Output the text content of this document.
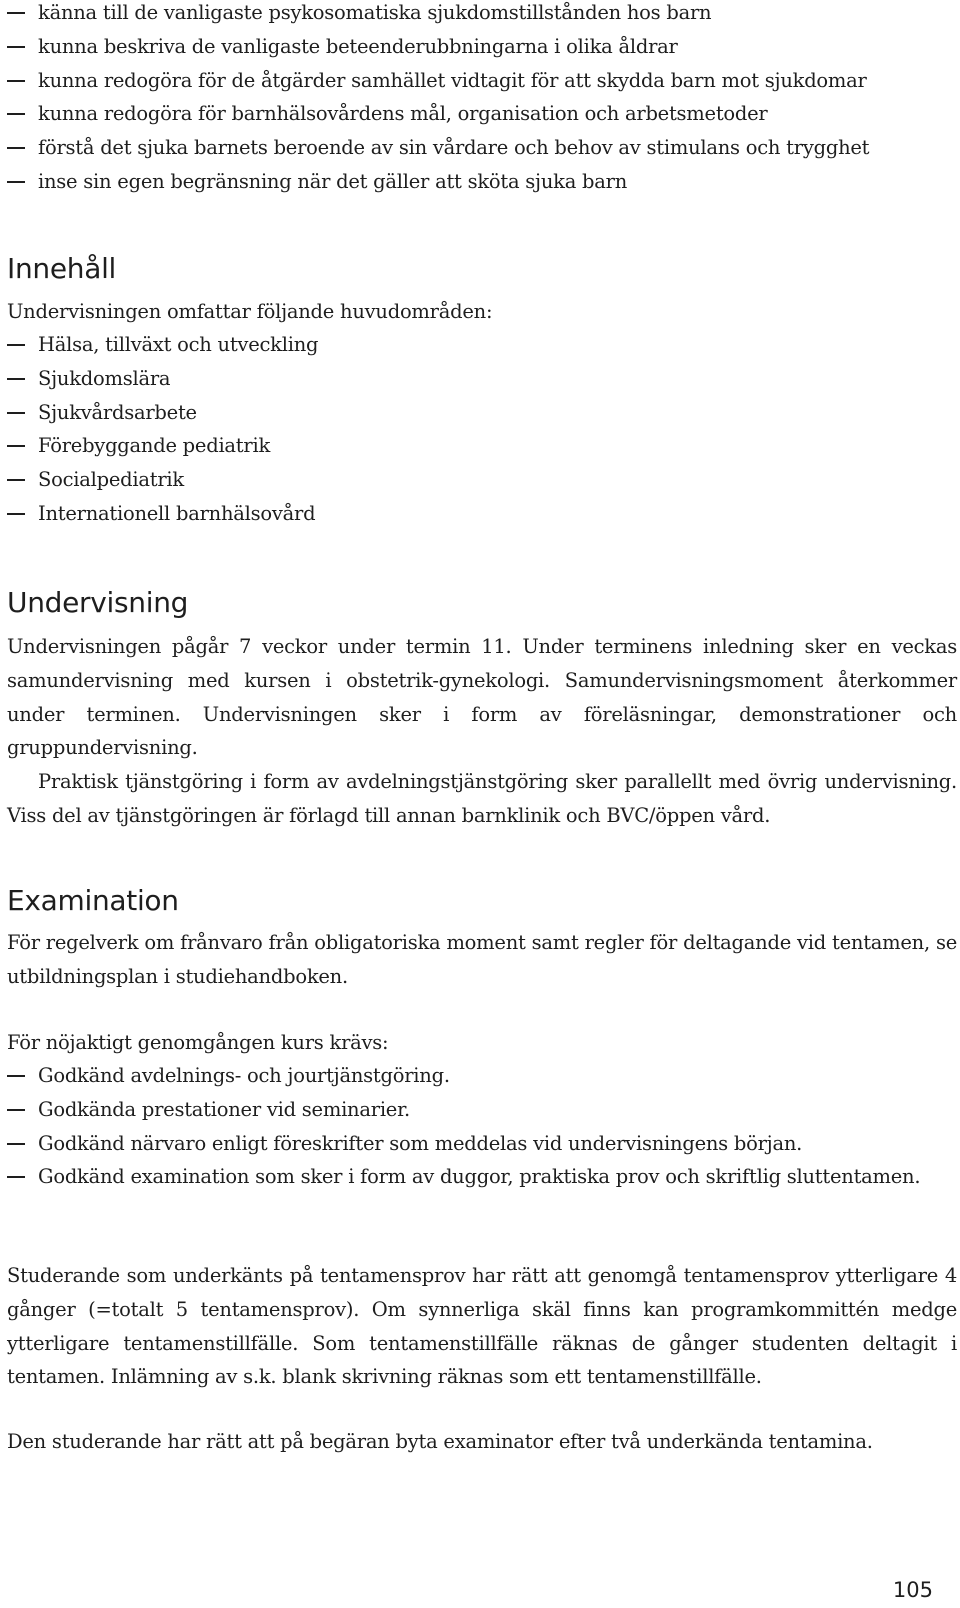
känna till de vanligaste psykosomatiska sjukdomstillstånden hos barn
kunna beskriva de vanligaste beteenderubbningarna i olika åldrar
kunna redogöra för de åtgärder samhället vidtagit för att skydda barn mot sjukdomar
kunna redogöra för barnhälsovårdens mål, organisation och arbetsmetoder
förstå det sjuka barnets beroende av sin vårdare och behov av stimulans och trygghet
inse sin egen begränsning när det gäller att sköta sjuka barn
Innehåll

Undervisningen omfattar följande huvudområden:

Hälsa, tillväxt och utveckling
Sjukdomslära
Sjukvårdsarbete
Förebyggande pediatrik
Socialpediatrik
Internationell barnhälsovård
Undervisning

Undervisningen pågår 7 veckor under termin 11. Under terminens inledning sker en veckas samundervisning med kursen i obstetrik-gynekologi. Samundervisningsmoment återkommer under terminen. Undervisningen sker i form av föreläsningar, demonstrationer och gruppundervisning.

Praktisk tjänstgöring i form av avdelningstjänstgöring sker parallellt med övrig undervisning. Viss del av tjänstgöringen är förlagd till annan barnklinik och BVC/öppen vård.

Examination

För regelverk om frånvaro från obligatoriska moment samt regler för deltagande vid tentamen, se utbildningsplan i studiehandboken.

För nöjaktigt genomgången kurs krävs:

Godkänd avdelnings- och jourtjänstgöring.
Godkända prestationer vid seminarier.
Godkänd närvaro enligt föreskrifter som meddelas vid undervisningens början.
Godkänd examination som sker i form av duggor, praktiska prov och skriftlig sluttentamen.

Studerande som underkänts på tentamensprov har rätt att genomgå tentamensprov ytterligare 4 gånger (=totalt 5 tentamensprov). Om synnerliga skäl finns kan programkommittén medge ytterligare tentamenstillfälle. Som tentamenstillfälle räknas de gånger studenten deltagit i tentamen. Inlämning av s.k. blank skrivning räknas som ett tentamenstillfälle.

Den studerande har rätt att på begäran byta examinator efter två underkända tentamina.

105
